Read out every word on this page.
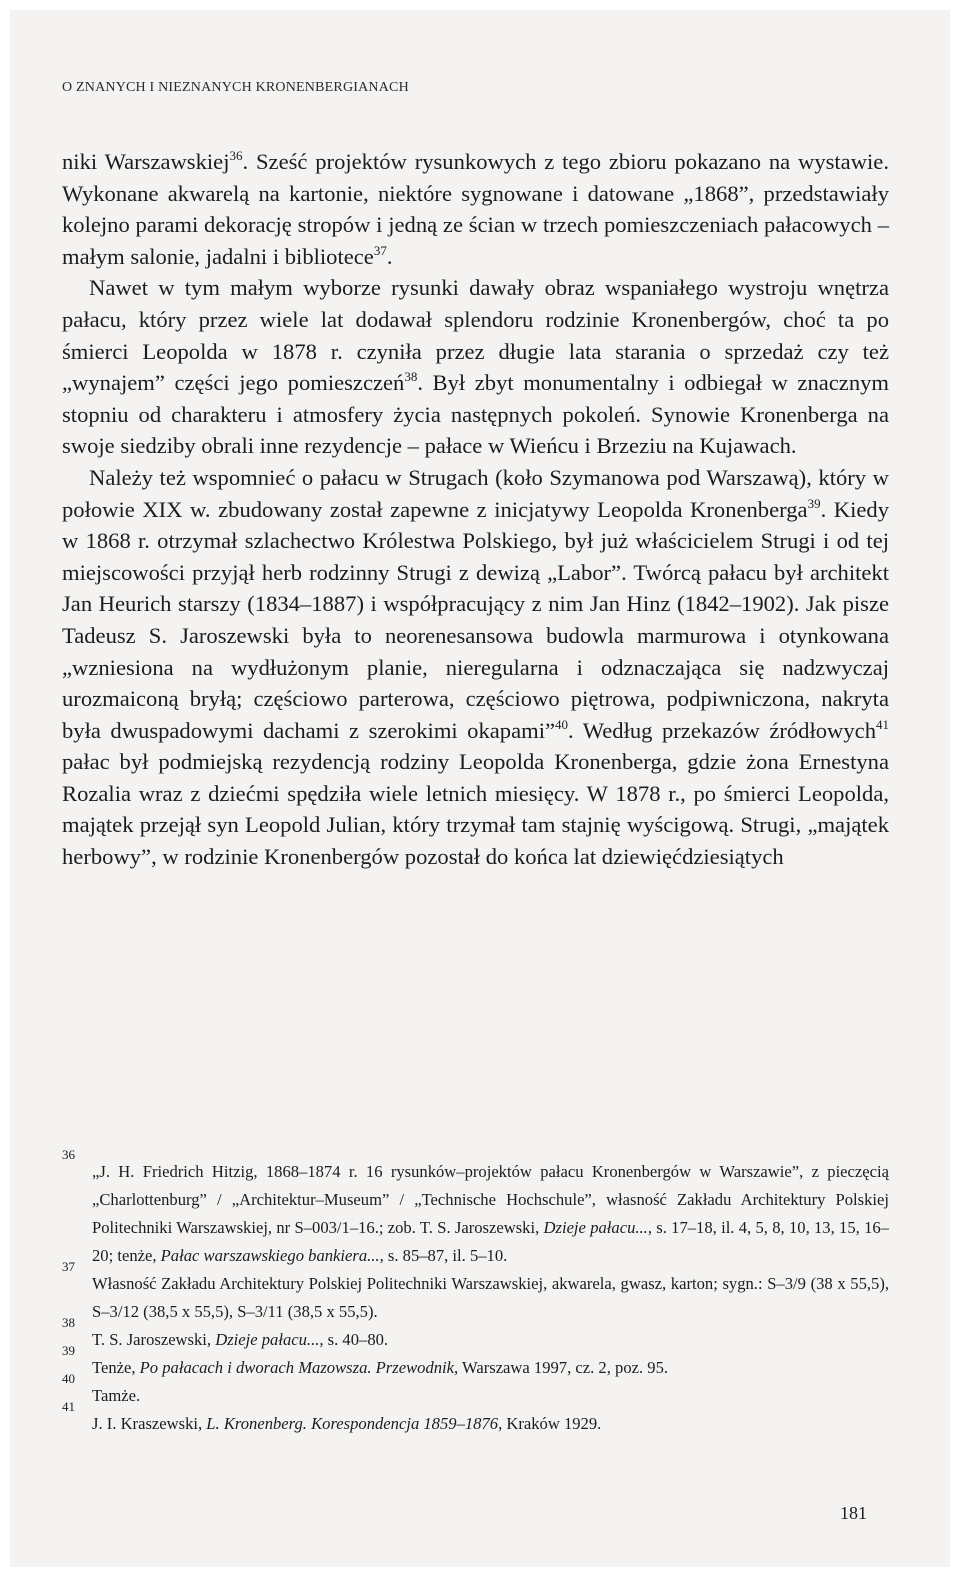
O ZNANYCH I NIEZNANYCH KRONENBERGIANACH

niki Warszawskiej$^{36}$. Sześć projektów rysunkowych z tego zbioru pokazano na wystawie. Wykonane akwarelą na kartonie, niektóre sygnowane i datowane „1868”, przedstawiały kolejno parami dekorację stropów i jedną ze ścian w trzech pomieszczeniach pałacowych – małym salonie, jadalni i bibliotece$^{37}$.

Nawet w tym małym wyborze rysunki dawały obraz wspaniałego wystroju wnętrza pałacu, który przez wiele lat dodawał splendoru rodzinie Kronenbergów, choć ta po śmierci Leopolda w 1878 r. czyniła przez długie lata starania o sprzedaż czy też „wynajem” części jego pomieszczeń$^{38}$. Był zbyt monumentalny i odbiegał w znacznym stopniu od charakteru i atmosfery życia następnych pokoleń. Synowie Kronenberga na swoje siedziby obrali inne rezydencje – pałace w Wieńcu i Brzeziu na Kujawach.

Należy też wspomnieć o pałacu w Strugach (koło Szymanowa pod Warszawą), który w połowie XIX w. zbudowany został zapewne z inicjatywy Leopolda Kronenberga$^{39}$. Kiedy w 1868 r. otrzymał szlachectwo Królestwa Polskiego, był już właścicielem Strugi i od tej miejscowości przyjął herb rodzinny Strugi z dewizą „Labor”. Twórcą pałacu był architekt Jan Heurich starszy (1834–1887) i współpracujący z nim Jan Hinz (1842–1902). Jak pisze Tadeusz S. Jaroszewski była to neorenesansowa budowla marmurowa i otynkowana „wzniesiona na wydłużonym planie, nieregularna i odznaczająca się nadzwyczaj urozmaiconą bryłą; częściowo parterowa, częściowo piętrowa, podpiwniczona, nakryta była dwuspadowymi dachami z szerokimi okapami”$^{40}$. Według przekazów źródłowych$^{41}$ pałac był podmiejską rezydencją rodziny Leopolda Kronenberga, gdzie żona Ernestyna Rozalia wraz z dziećmi spędziła wiele letnich miesięcy. W 1878 r., po śmierci Leopolda, majątek przejął syn Leopold Julian, który trzymał tam stajnię wyścigową. Strugi, „majątek herbowy”, w rodzinie Kronenbergów pozostał do końca lat dziewięćdziesiątych

36
„J. H. Friedrich Hitzig, 1868–1874 r. 16 rysunków–projektów pałacu Kronenbergów w Warszawie”, z pieczęcią „Charlottenburg” / „Architektur–Museum” / „Technische Hochschule”, własność Zakładu Architektury Polskiej Politechniki Warszawskiej, nr S–003/1–16.; zob. T. S. Jaroszewski, Dzieje pałacu..., s. 17–18, il. 4, 5, 8, 10, 13, 15, 16–20; tenże, Pałac warszawskiego bankiera..., s. 85–87, il. 5–10.
37
Własność Zakładu Architektury Polskiej Politechniki Warszawskiej, akwarela, gwasz, karton; sygn.: S–3/9 (38 x 55,5), S–3/12 (38,5 x 55,5), S–3/11 (38,5 x 55,5).
38
T. S. Jaroszewski, Dzieje pałacu..., s. 40–80.
39
Tenże, Po pałacach i dworach Mazowsza. Przewodnik, Warszawa 1997, cz. 2, poz. 95.
40
Tamże.
41
J. I. Kraszewski, L. Kronenberg. Korespondencja 1859–1876, Kraków 1929.
181
